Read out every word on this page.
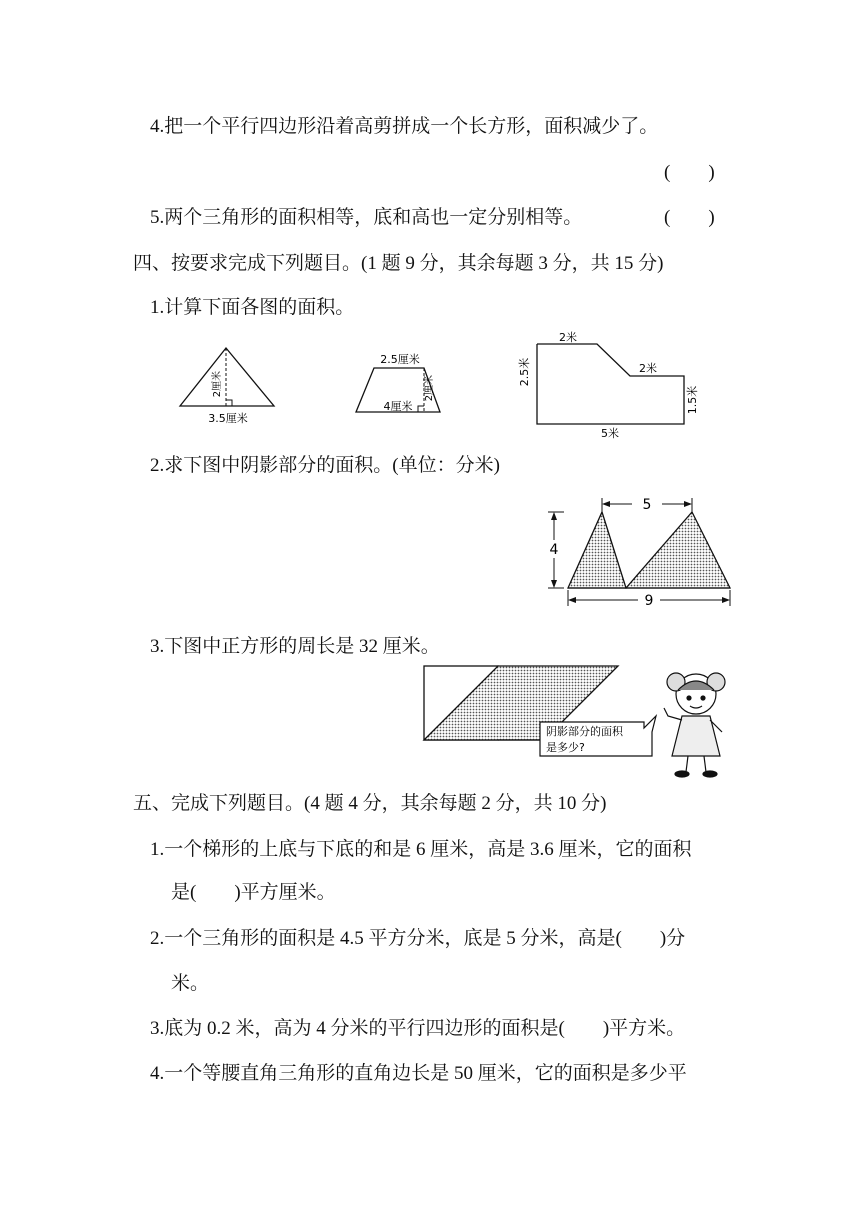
4.把一个平行四边形沿着高剪拼成一个长方形，面积减少了。
(　　)
5.两个三角形的面积相等，底和高也一定分别相等。	(　　)
四、按要求完成下列题目。(1 题 9 分，其余每题 3 分，共 15 分)
1.计算下面各图的面积。
2厘米
3.5厘米
2.5厘米
4厘米
2厘米
2米
2米
2.5米
1.5米
5米
2.求下图中阴影部分的面积。(单位：分米)
5
4
9
3.下图中正方形的周长是 32 厘米。
阴影部分的面积
是多少?
五、完成下列题目。(4 题 4 分，其余每题 2 分，共 10 分)
1.一个梯形的上底与下底的和是 6 厘米，高是 3.6 厘米，它的面积
是(　　)平方厘米。
2.一个三角形的面积是 4.5 平方分米，底是 5 分米，高是(　　)分
米。
3.底为 0.2 米，高为 4 分米的平行四边形的面积是(　　)平方米。
4.一个等腰直角三角形的直角边长是 50 厘米，它的面积是多少平
